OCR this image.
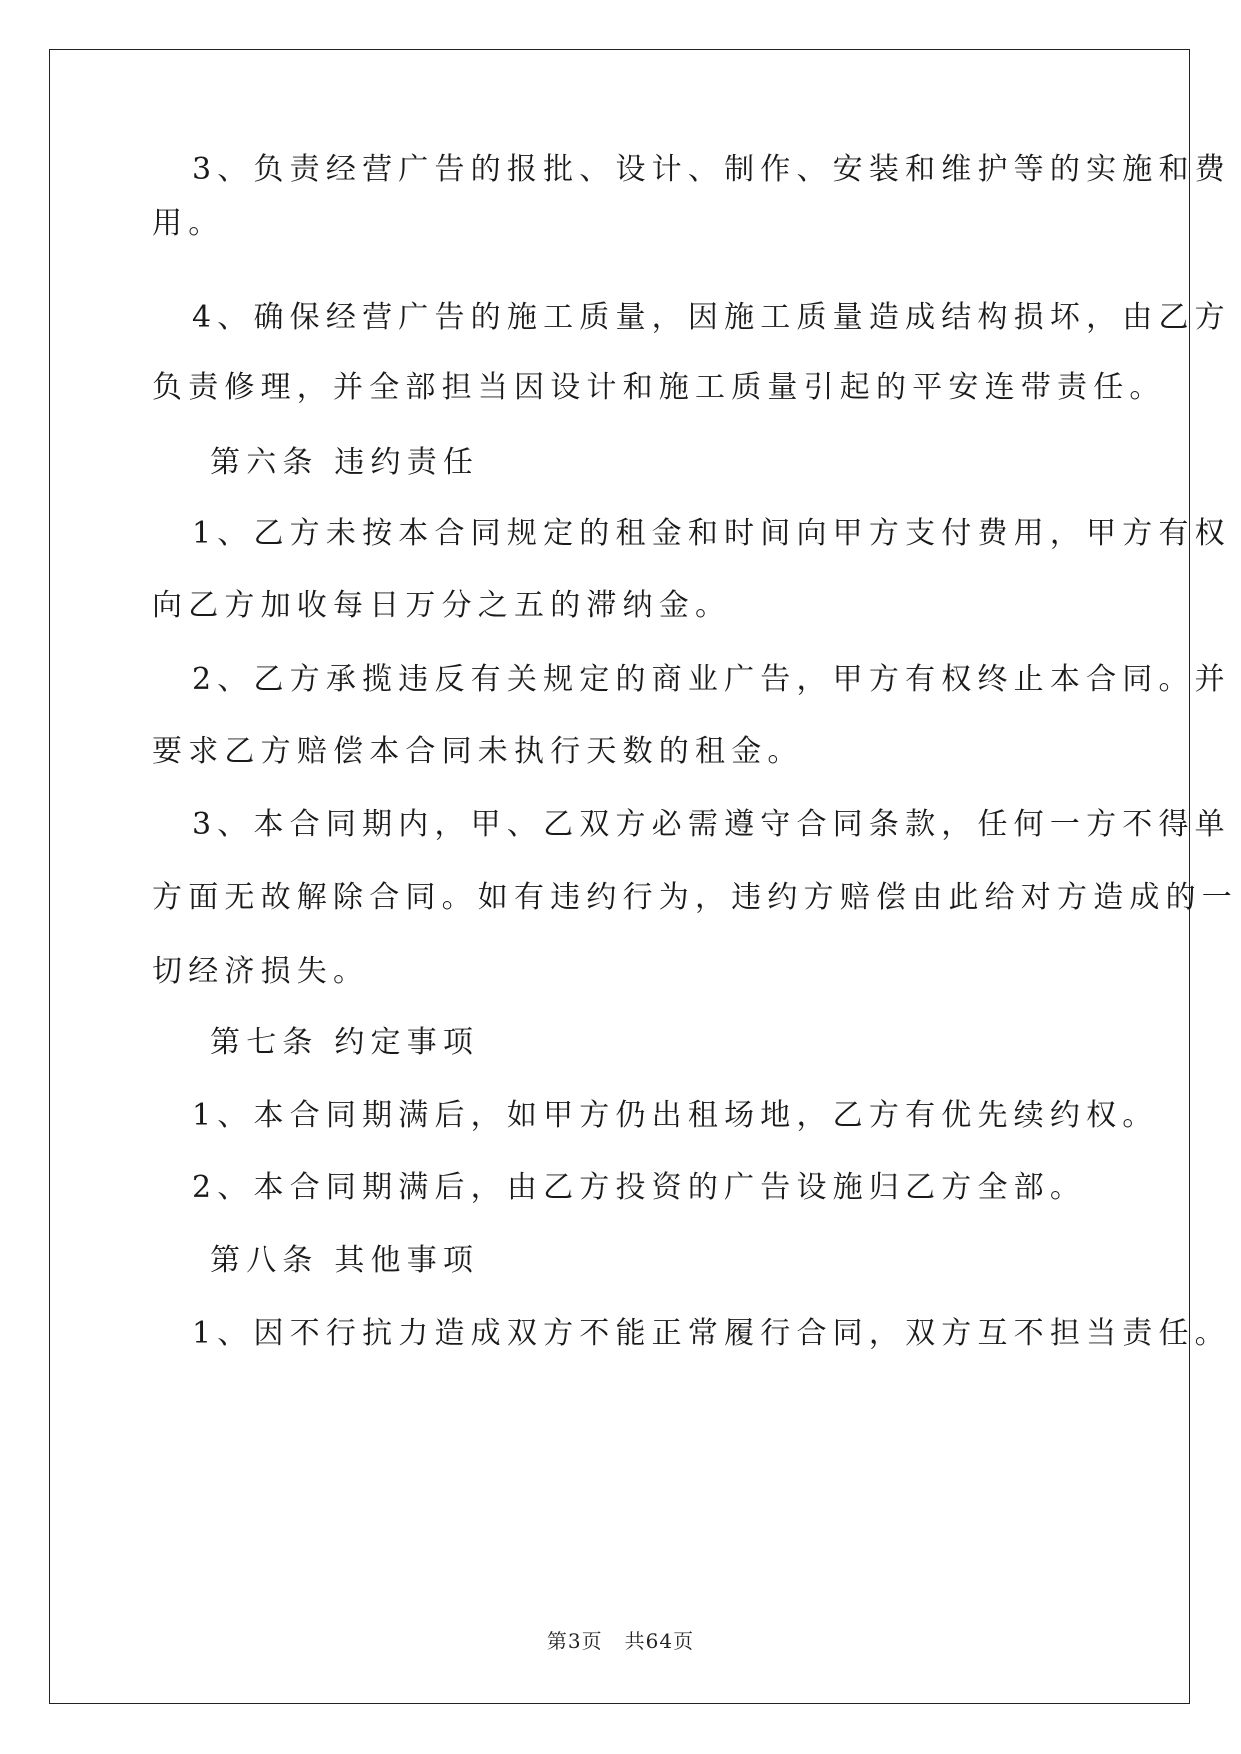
3、负责经营广告的报批、设计、制作、安装和维护等的实施和费
用。
4、确保经营广告的施工质量，因施工质量造成结构损坏，由乙方
负责修理，并全部担当因设计和施工质量引起的平安连带责任。
第六条 违约责任
1、乙方未按本合同规定的租金和时间向甲方支付费用，甲方有权
向乙方加收每日万分之五的滞纳金。
2、乙方承揽违反有关规定的商业广告，甲方有权终止本合同。并
要求乙方赔偿本合同未执行天数的租金。
3、本合同期内，甲、乙双方必需遵守合同条款，任何一方不得单
方面无故解除合同。如有违约行为，违约方赔偿由此给对方造成的一
切经济损失。
第七条 约定事项
1、本合同期满后，如甲方仍出租场地，乙方有优先续约权。
2、本合同期满后，由乙方投资的广告设施归乙方全部。
第八条 其他事项
1、因不行抗力造成双方不能正常履行合同，双方互不担当责任。
第3页 共64页
